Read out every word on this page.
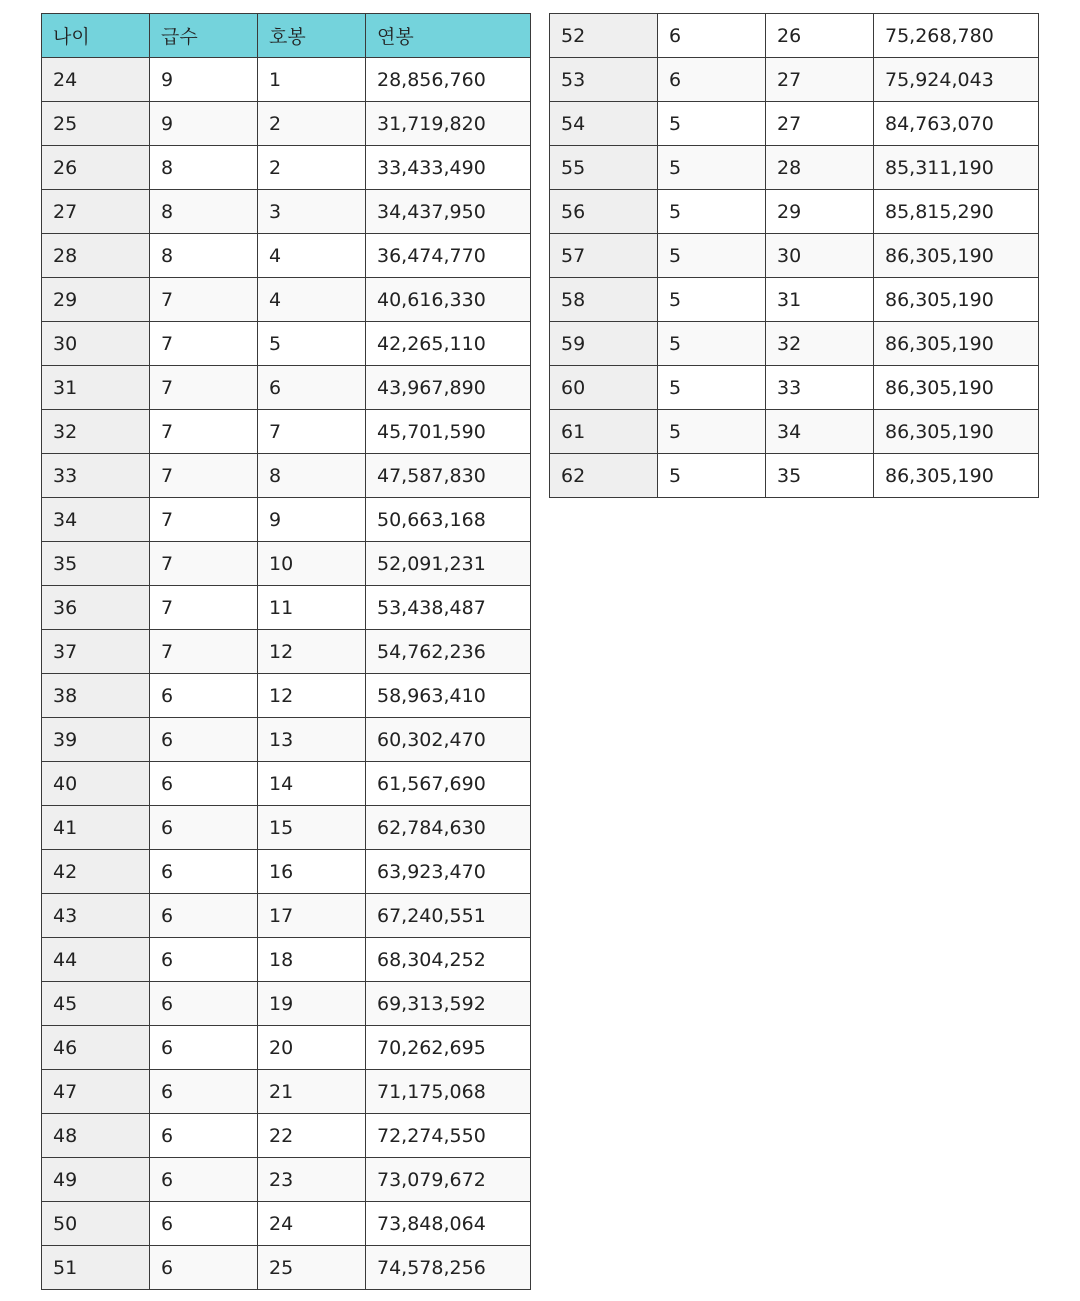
나이	급수	호봉	연봉
24	9	1	28,856,760
25	9	2	31,719,820
26	8	2	33,433,490
27	8	3	34,437,950
28	8	4	36,474,770
29	7	4	40,616,330
30	7	5	42,265,110
31	7	6	43,967,890
32	7	7	45,701,590
33	7	8	47,587,830
34	7	9	50,663,168
35	7	10	52,091,231
36	7	11	53,438,487
37	7	12	54,762,236
38	6	12	58,963,410
39	6	13	60,302,470
40	6	14	61,567,690
41	6	15	62,784,630
42	6	16	63,923,470
43	6	17	67,240,551
44	6	18	68,304,252
45	6	19	69,313,592
46	6	20	70,262,695
47	6	21	71,175,068
48	6	22	72,274,550
49	6	23	73,079,672
50	6	24	73,848,064
51	6	25	74,578,256
52	6	26	75,268,780
53	6	27	75,924,043
54	5	27	84,763,070
55	5	28	85,311,190
56	5	29	85,815,290
57	5	30	86,305,190
58	5	31	86,305,190
59	5	32	86,305,190
60	5	33	86,305,190
61	5	34	86,305,190
62	5	35	86,305,190
